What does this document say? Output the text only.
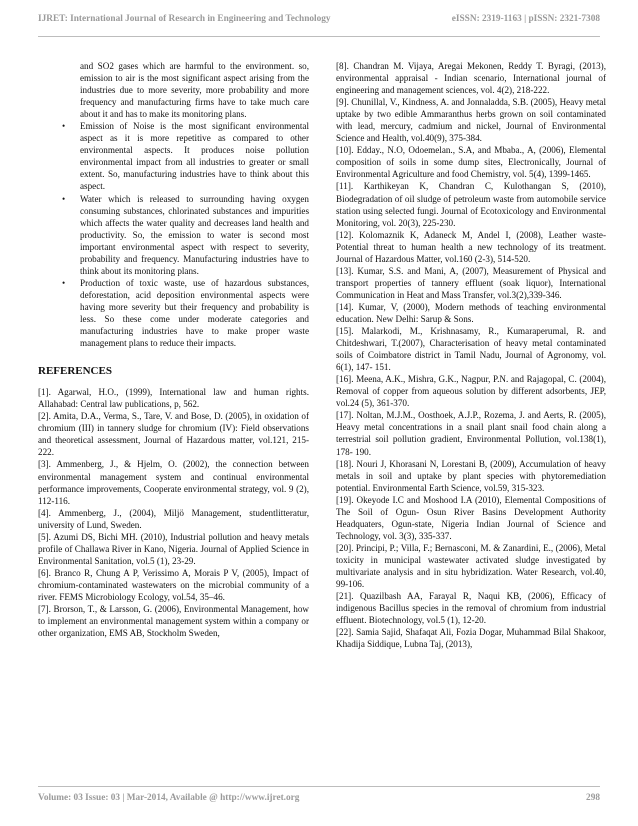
IJRET: International Journal of Research in Engineering and Technology	eISSN: 2319-1163 | pISSN: 2321-7308

and SO2 gases which are harmful to the environment. so, emission to air is the most significant aspect arising from the industries due to more severity, more probability and more frequency and manufacturing firms have to take much care about it and has to make its monitoring plans.

• Emission of Noise is the most significant environmental aspect as it is more repetitive as compared to other environmental aspects. It produces noise pollution environmental impact from all industries to greater or small extent. So, manufacturing industries have to think about this aspect.
• Water which is released to surrounding having oxygen consuming substances, chlorinated substances and impurities which affects the water quality and decreases land health and productivity. So, the emission to water is second most important environmental aspect with respect to severity, probability and frequency. Manufacturing industries have to think about its monitoring plans.
• Production of toxic waste, use of hazardous substances, deforestation, acid deposition environmental aspects were having more severity but their frequency and probability is less. So these come under moderate categories and manufacturing industries have to make proper waste management plans to reduce their impacts.
REFERENCES

[1]. Agarwal, H.O., (1999), International law and human rights. Allahabad: Central law publications, p, 562.

[2]. Amita, D.A., Verma, S., Tare, V. and Bose, D. (2005), in oxidation of chromium (III) in tannery sludge for chromium (IV): Field observations and theoretical assessment, Journal of Hazardous matter, vol.121, 215-222.

[3]. Ammenberg, J., & Hjelm, O. (2002), the connection between environmental management system and continual environmental performance improvements, Cooperate environmental strategy, vol. 9 (2), 112-116.

[4]. Ammenberg, J., (2004), Miljö Management, studentlitteratur, university of Lund, Sweden.

[5]. Azumi DS, Bichi MH. (2010), Industrial pollution and heavy metals profile of Challawa River in Kano, Nigeria. Journal of Applied Science in Environmental Sanitation, vol.5 (1), 23-29.

[6]. Branco R, Chung A P, Verissimo A, Morais P V, (2005), Impact of chromium-contaminated wastewaters on the microbial community of a river. FEMS Microbiology Ecology, vol.54, 35–46.

[7]. Brorson, T., & Larsson, G. (2006), Environmental Management, how to implement an environmental management system within a company or other organization, EMS AB, Stockholm Sweden,

[8]. Chandran M. Vijaya, Aregai Mekonen, Reddy T. Byragi, (2013), environmental appraisal - Indian scenario, International journal of engineering and management sciences, vol. 4(2), 218-222.

[9]. Chunillal, V., Kindness, A. and Jonnaladda, S.B. (2005), Heavy metal uptake by two edible Ammaranthus herbs grown on soil contaminated with lead, mercury, cadmium and nickel, Journal of Environmental Science and Health, vol.40(9), 375-384.

[10]. Edday., N.O, Odoemelan., S.A, and Mbaba., A, (2006), Elemental composition of soils in some dump sites, Electronically, Journal of Environmental Agriculture and food Chemistry, vol. 5(4), 1399-1465.

[11]. Karthikeyan K, Chandran C, Kulothangan S, (2010), Biodegradation of oil sludge of petroleum waste from automobile service station using selected fungi. Journal of Ecotoxicology and Environmental Monitoring, vol. 20(3), 225-230.

[12]. Kolomaznik K, Adaneck M, Andel I, (2008), Leather waste- Potential threat to human health a new technology of its treatment. Journal of Hazardous Matter, vol.160 (2-3), 514-520.

[13]. Kumar, S.S. and Mani, A, (2007), Measurement of Physical and transport properties of tannery effluent (soak liquor), International Communication in Heat and Mass Transfer, vol.3(2),339-346.

[14]. Kumar, V, (2000), Modern methods of teaching environmental education. New Delhi: Sarup & Sons.

[15]. Malarkodi, M., Krishnasamy, R., Kumaraperumal, R. and Chitdeshwari, T.(2007), Characterisation of heavy metal contaminated soils of Coimbatore district in Tamil Nadu, Journal of Agronomy, vol. 6(1), 147- 151.

[16]. Meena, A.K., Mishra, G.K., Nagpur, P.N. and Rajagopal, C. (2004), Removal of copper from aqueous solution by different adsorbents, JEP, vol.24 (5), 361-370.

[17]. Noltan, M.J.M., Oosthoek, A.J.P., Rozema, J. and Aerts, R. (2005), Heavy metal concentrations in a snail plant snail food chain along a terrestrial soil pollution gradient, Environmental Pollution, vol.138(1), 178- 190.

[18]. Nouri J, Khorasani N, Lorestani B, (2009), Accumulation of heavy metals in soil and uptake by plant species with phytoremediation potential. Environmental Earth Science, vol.59, 315-323.

[19]. Okeyode I.C and Moshood I.A (2010), Elemental Compositions of The Soil of Ogun- Osun River Basins Development Authority Headquaters, Ogun-state, Nigeria Indian Journal of Science and Technology, vol. 3(3), 335-337.

[20]. Principi, P.; Villa, F.; Bernasconi, M. & Zanardini, E., (2006), Metal toxicity in municipal wastewater activated sludge investigated by multivariate analysis and in situ hybridization. Water Research, vol.40, 99-106.

[21]. Quazilbash AA, Farayal R, Naqui KB, (2006), Efficacy of indigenous Bacillus species in the removal of chromium from industrial effluent. Biotechnology, vol.5 (1), 12-20.

[22]. Samia Sajid, Shafaqat Ali, Fozia Dogar, Muhammad Bilal Shakoor, Khadija Siddique, Lubna Taj, (2013),

Volume: 03 Issue: 03 | Mar-2014, Available @ http://www.ijret.org	298
